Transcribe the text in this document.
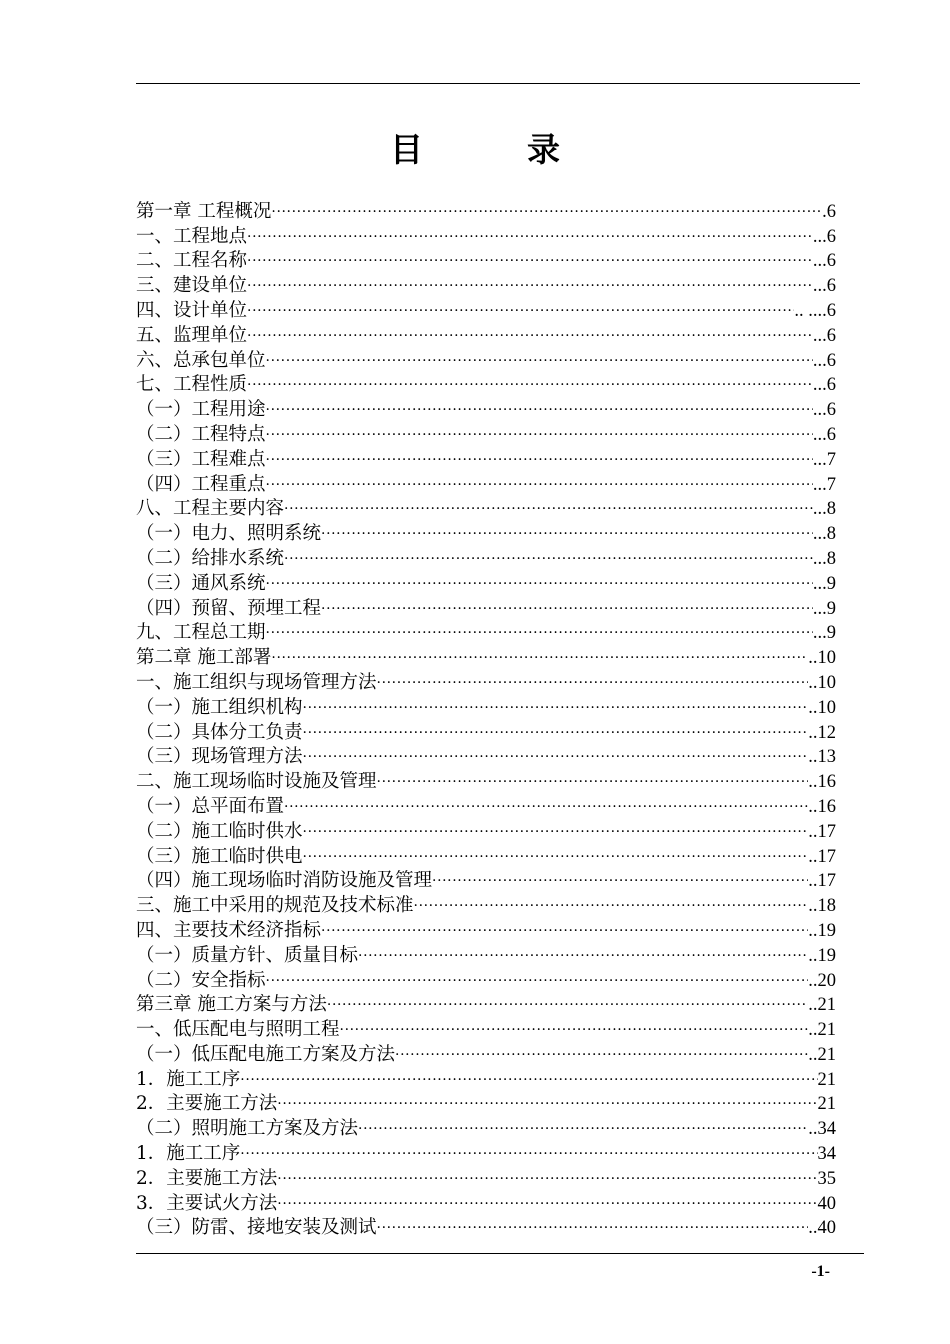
目	录
第一章 工程概况 ·····	.6
一、工程地点 ·····	...6
二、工程名称 ·····	...6
三、建设单位 ·····	...6
四、设计单位 ·····	.. ....6
五、监理单位 ·····	...6
六、总承包单位 ·····	...6
七、工程性质 ·····	...6
（一）工程用途 ·····	...6
（二）工程特点 ·····	...6
（三）工程难点 ·····	...7
（四）工程重点 ·····	...7
八、工程主要内容 ·····	...8
（一）电力、照明系统 ·····	...8
（二）给排水系统 ·····	...8
（三）通风系统 ·····	...9
（四）预留、预埋工程 ·····	...9
九、工程总工期 ·····	...9
第二章 施工部署 ·····	..10
一、施工组织与现场管理方法 ·····	..10
（一）施工组织机构 ·····	..10
（二）具体分工负责 ·····	..12
（三）现场管理方法 ·····	..13
二、施工现场临时设施及管理 ·····	..16
（一）总平面布置 ·····	..16
（二）施工临时供水 ·····	..17
（三）施工临时供电 ·····	..17
（四）施工现场临时消防设施及管理 ·····	..17
三、施工中采用的规范及技术标准 ·····	..18
四、主要技术经济指标 ·····	..19
（一）质量方针、质量目标 ·····	..19
（二）安全指标 ·····	..20
第三章 施工方案与方法 ·····	..21
一、低压配电与照明工程 ·····	..21
（一）低压配电施工方案及方法 ·····	..21
1．施工工序 ·····	21
2．主要施工方法 ·····	21
（二）照明施工方案及方法 ·····	..34
1．施工工序 ·····	34
2．主要施工方法 ·····	35
3．主要试火方法 ·····	40
（三）防雷、接地安装及测试 ·····	..40
-1-
